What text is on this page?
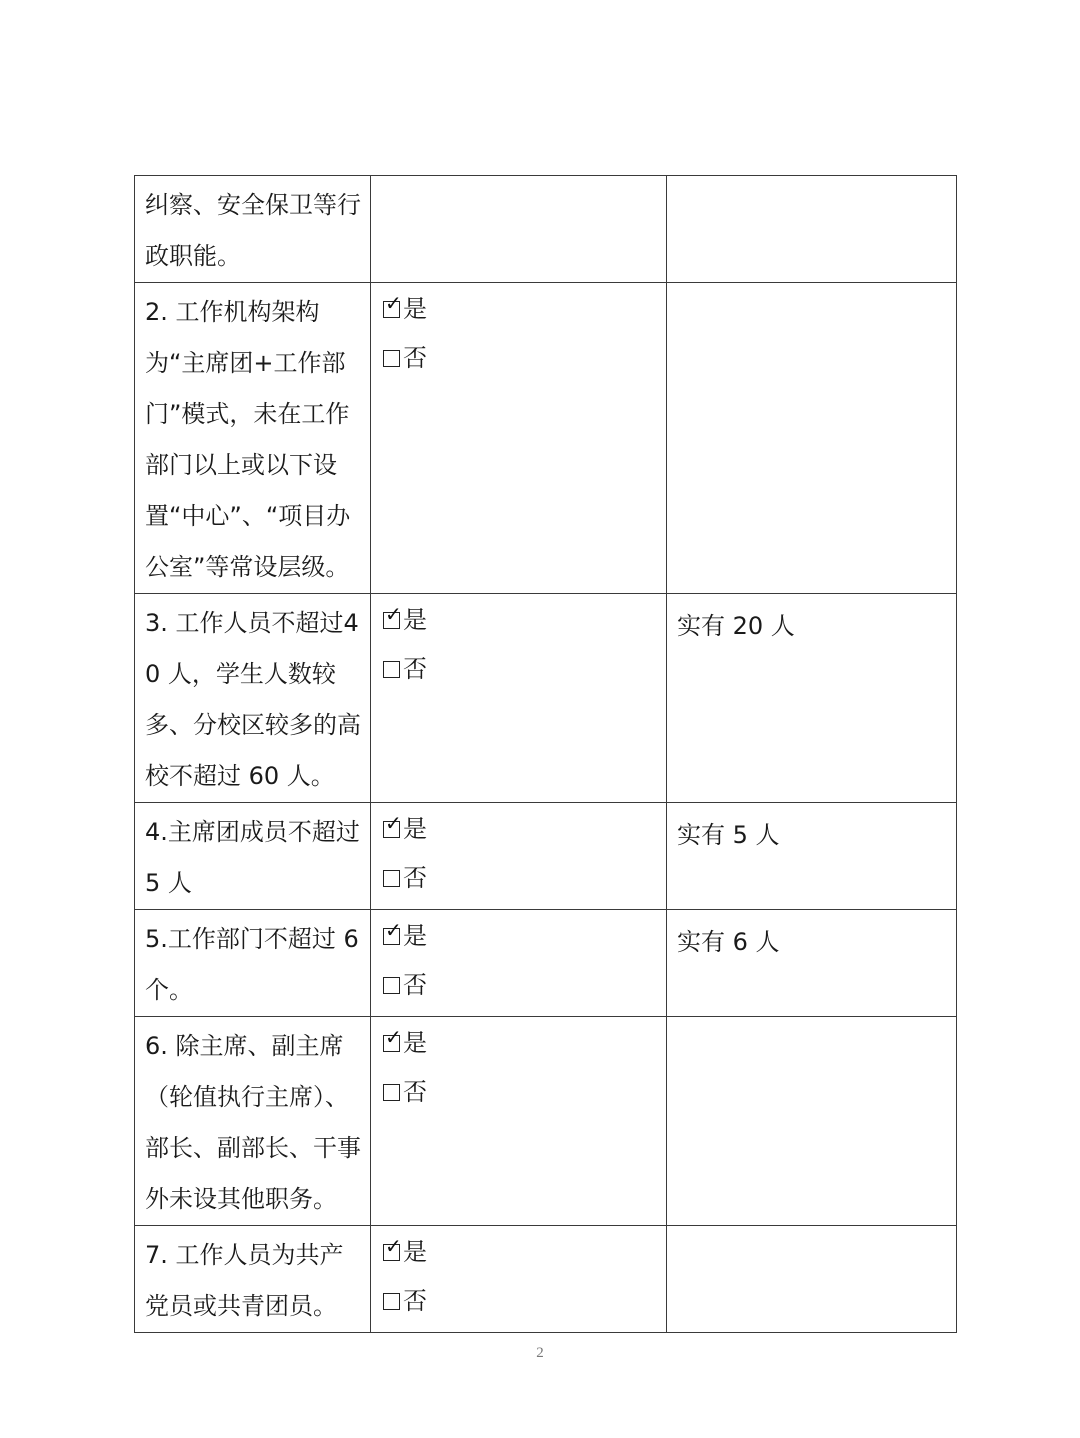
纠察、安全保卫等行政职能。		

2. 工作机构架构为“主席团+工作部门”模式，未在工作部门以上或以下设置“中心”、“项目办公室”等常设层级。	✓ 是
否	

3. 工作人员不超过40 人，学生人数较多、分校区较多的高校不超过 60 人。	✓ 是
否	实有 20 人

4.主席团成员不超过 5 人	✓ 是
否	实有 5 人

5.工作部门不超过 6 个。	✓ 是
否	实有 6 人

6. 除主席、副主席（轮值执行主席）、部长、副部长、干事外未设其他职务。	✓ 是
否	

7. 工作人员为共产党员或共青团员。	✓ 是
否	

2
